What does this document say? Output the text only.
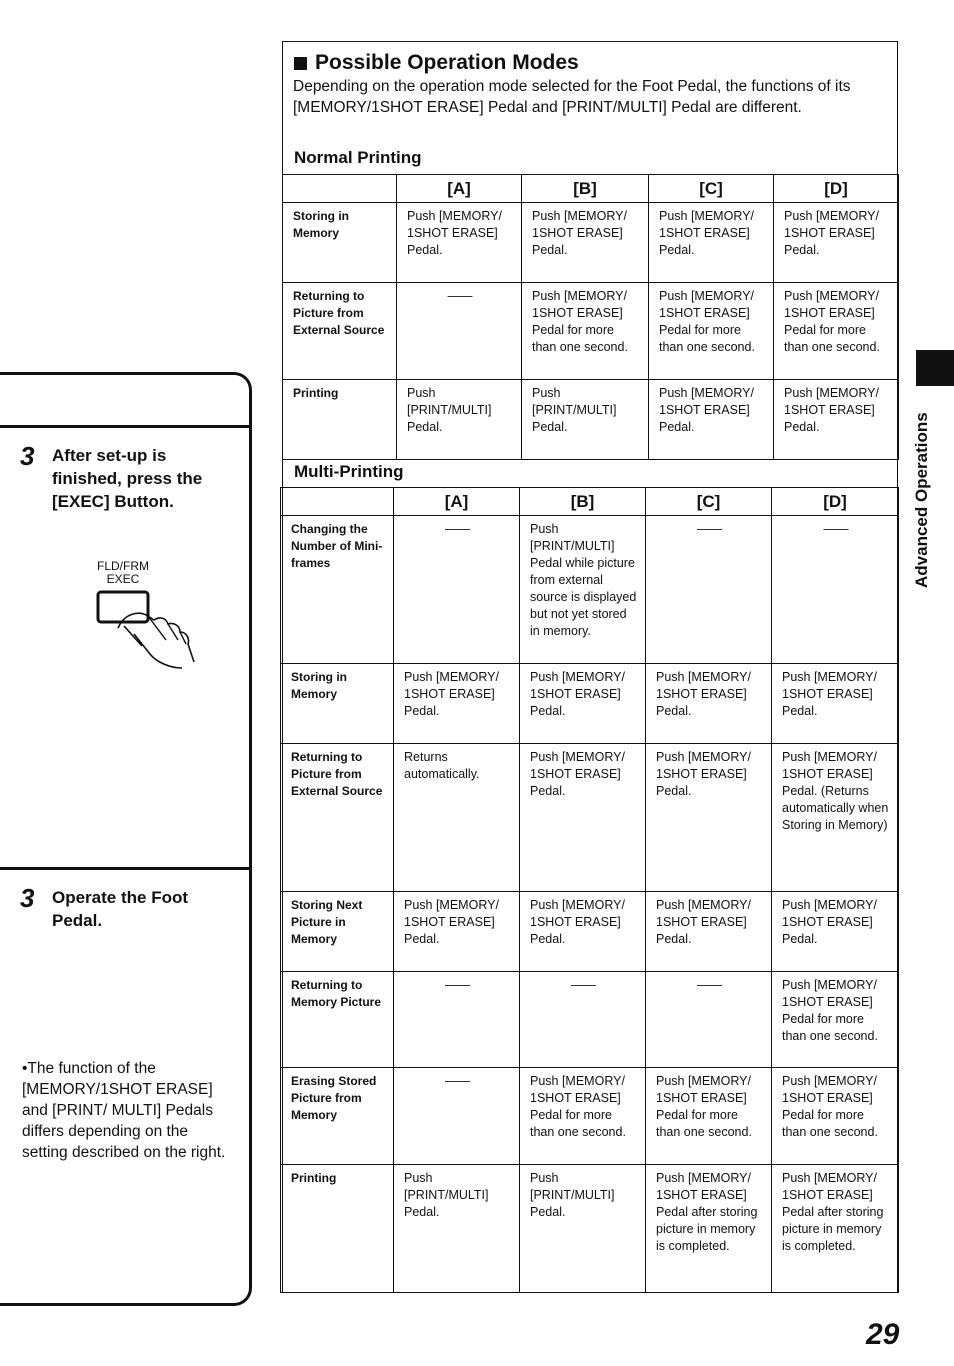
3	After set-up is finished, press the [EXEC] Button.
FLD/FRM
EXEC
3	Operate the Foot Pedal.
•The function of the [MEMORY/1SHOT ERASE] and [PRINT/ MULTI] Pedals differs depending on the setting described on the right.
Possible Operation Modes
Depending on the operation mode selected for the Foot Pedal, the functions of its [MEMORY/1SHOT ERASE] Pedal and [PRINT/MULTI] Pedal are different.
Normal Printing
	[A]	[B]	[C]	[D]
Storing in Memory	Push [MEMORY/ 1SHOT ERASE] Pedal.	Push [MEMORY/ 1SHOT ERASE] Pedal.	Push [MEMORY/ 1SHOT ERASE] Pedal.	Push [MEMORY/ 1SHOT ERASE] Pedal.
Returning to Picture from External Source	——	Push [MEMORY/ 1SHOT ERASE] Pedal for more than one second.	Push [MEMORY/ 1SHOT ERASE] Pedal for more than one second.	Push [MEMORY/ 1SHOT ERASE] Pedal for more than one second.
Printing	Push [PRINT/MULTI] Pedal.	Push [PRINT/MULTI] Pedal.	Push [MEMORY/ 1SHOT ERASE] Pedal.	Push [MEMORY/ 1SHOT ERASE] Pedal.
Multi-Printing
	[A]	[B]	[C]	[D]
Changing the Number of Mini-frames	——	Push [PRINT/MULTI] Pedal while picture from external source is displayed but not yet stored in memory.	——	——
Storing in Memory	Push [MEMORY/ 1SHOT ERASE] Pedal.	Push [MEMORY/ 1SHOT ERASE] Pedal.	Push [MEMORY/ 1SHOT ERASE] Pedal.	Push [MEMORY/ 1SHOT ERASE] Pedal.
Returning to Picture from External Source	Returns automatically.	Push [MEMORY/ 1SHOT ERASE] Pedal.	Push [MEMORY/ 1SHOT ERASE] Pedal.	Push [MEMORY/ 1SHOT ERASE] Pedal. (Returns automatically when Storing in Memory)
Storing Next Picture in Memory	Push [MEMORY/ 1SHOT ERASE] Pedal.	Push [MEMORY/ 1SHOT ERASE] Pedal.	Push [MEMORY/ 1SHOT ERASE] Pedal.	Push [MEMORY/ 1SHOT ERASE] Pedal.
Returning to Memory Picture	——	——	——	Push [MEMORY/ 1SHOT ERASE] Pedal for more than one second.
Erasing Stored Picture from Memory	——	Push [MEMORY/ 1SHOT ERASE] Pedal for more than one second.	Push [MEMORY/ 1SHOT ERASE] Pedal for more than one second.	Push [MEMORY/ 1SHOT ERASE] Pedal for more than one second.
Printing	Push [PRINT/MULTI] Pedal.	Push [PRINT/MULTI] Pedal.	Push [MEMORY/ 1SHOT ERASE] Pedal after storing picture in memory is completed.	Push [MEMORY/ 1SHOT ERASE] Pedal after storing picture in memory is completed.
Advanced Operations
29
